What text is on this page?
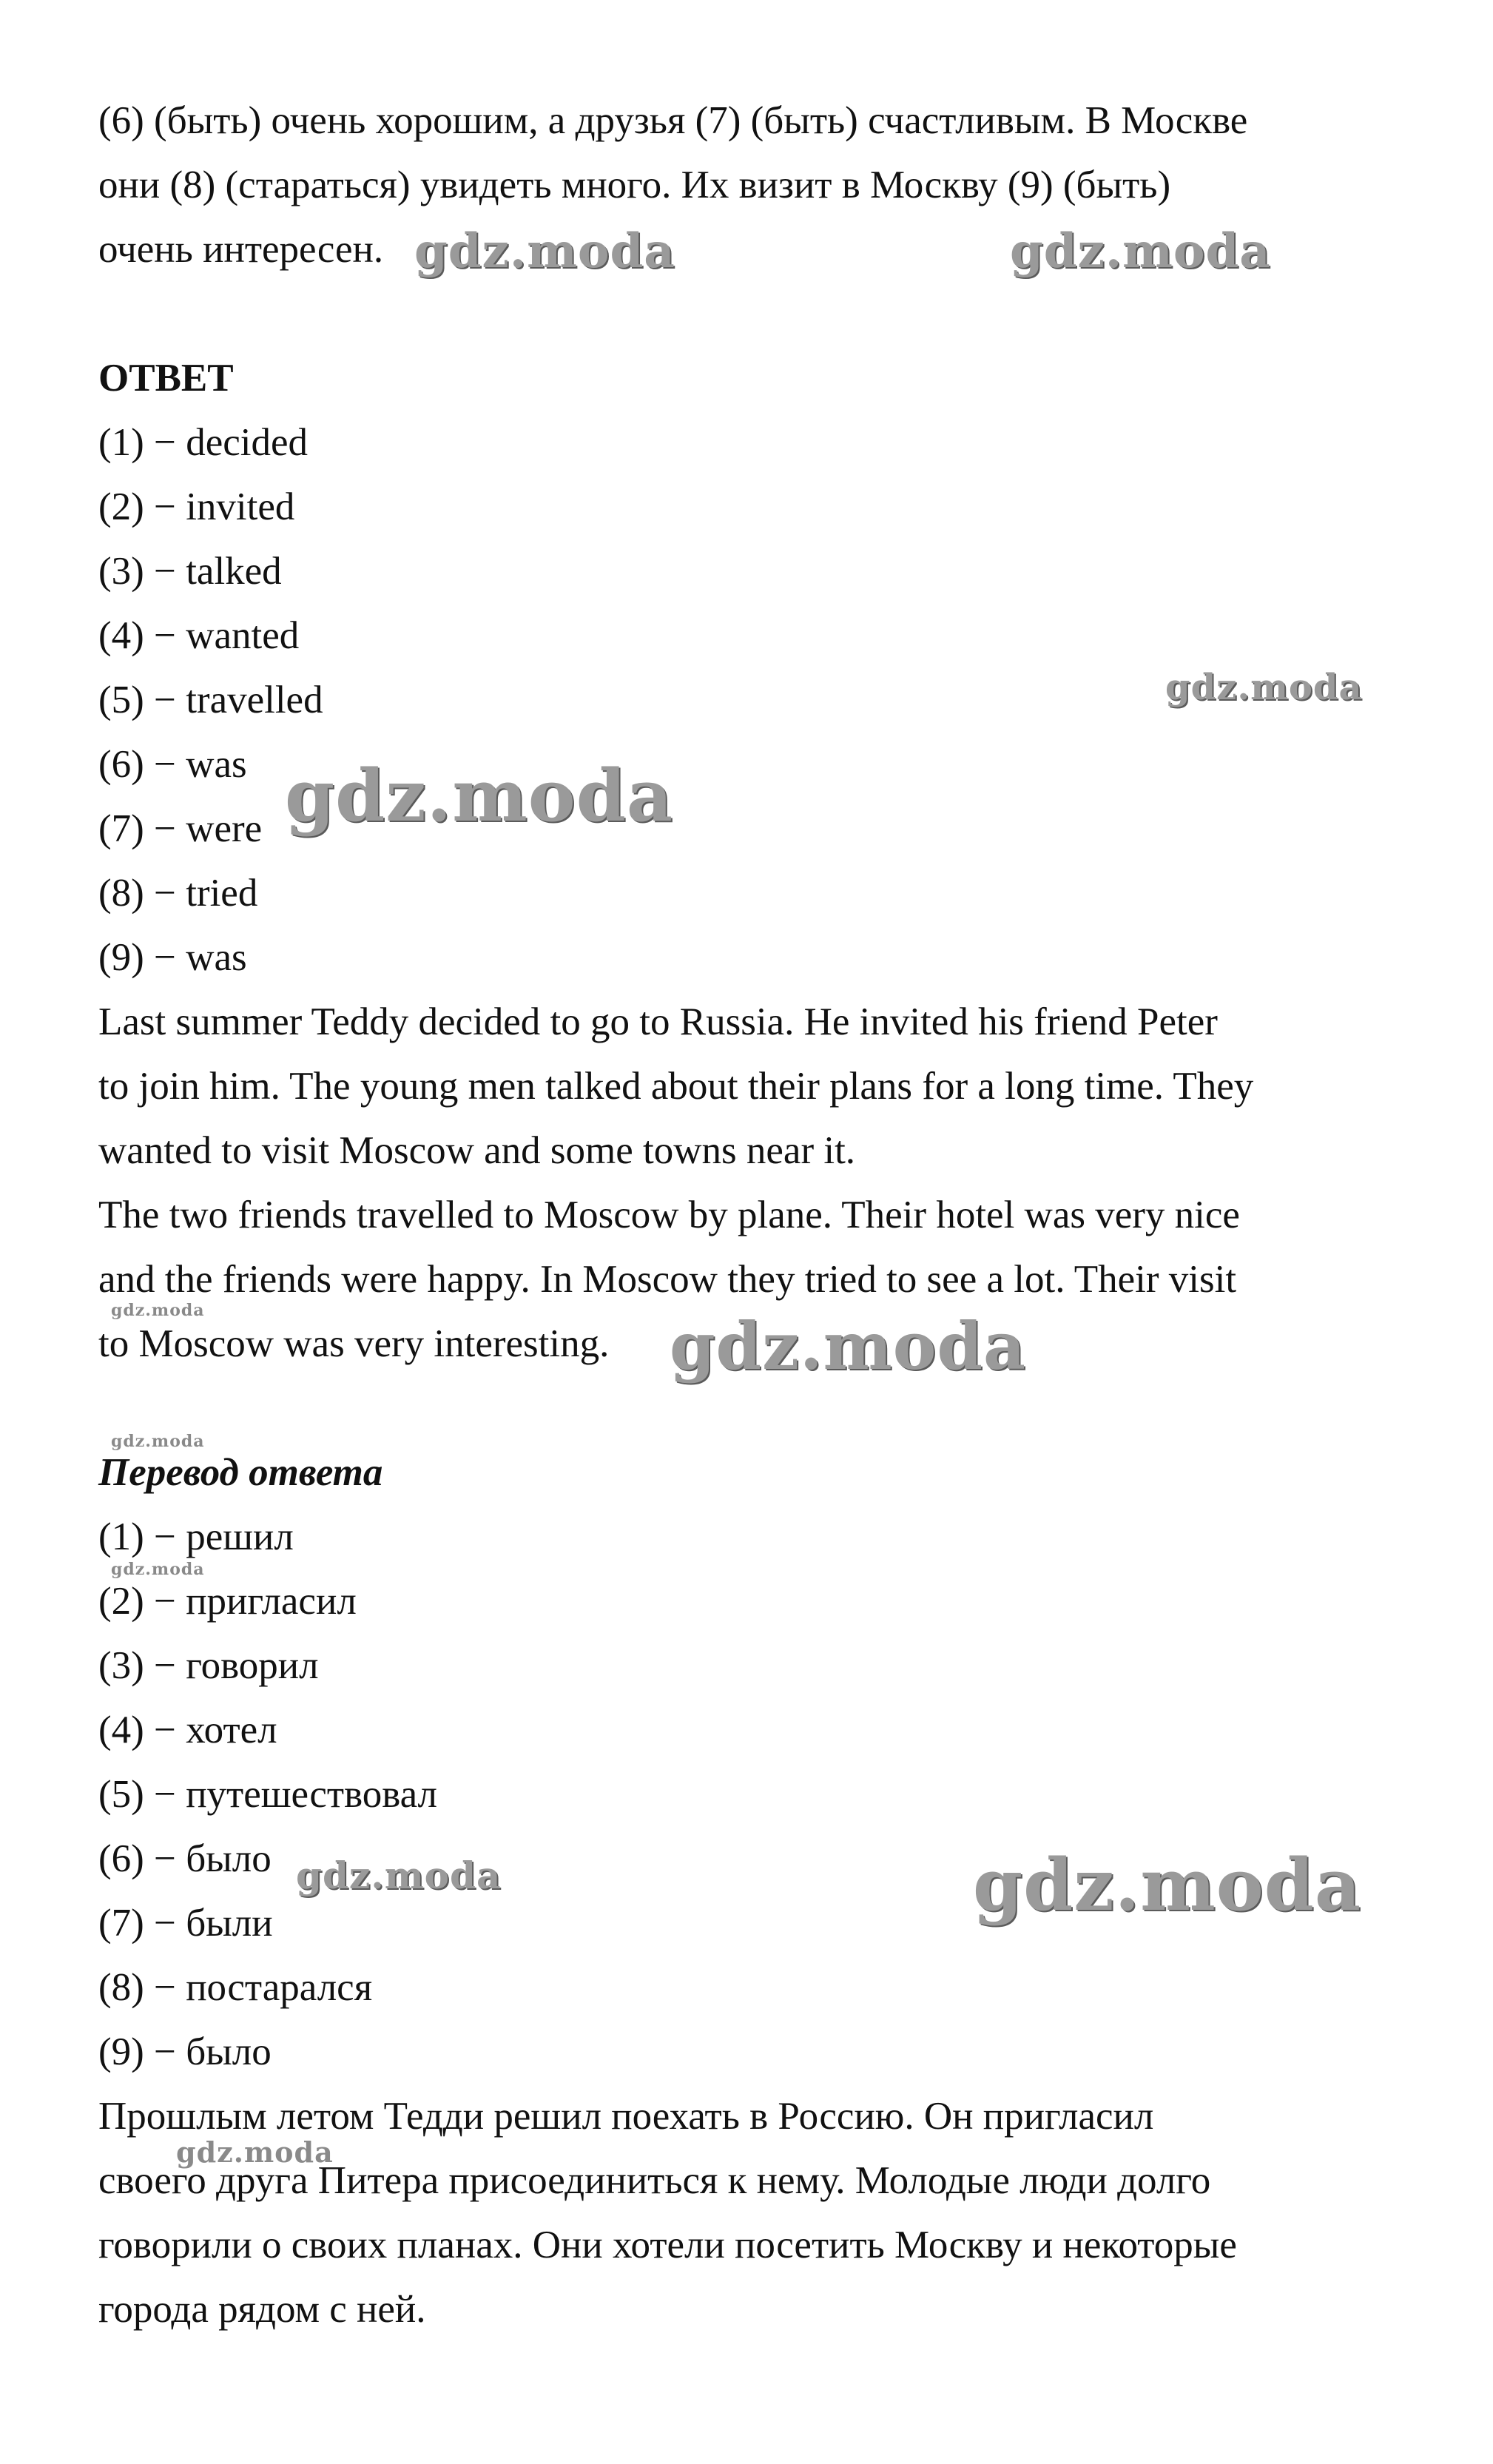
(6) (быть) очень хорошим, а друзья (7) (быть) счастливым. В Москве
они (8) (стараться) увидеть много. Их визит в Москву (9) (быть)
очень интересен.
ОТВЕТ
(1) − decided
(2) − invited
(3) − talked
(4) − wanted
(5) − travelled
(6) − was
(7) − were
(8) − tried
(9) − was
Last summer Teddy decided to go to Russia. He invited his friend Peter
to join him. The young men talked about their plans for a long time. They
wanted to visit Moscow and some towns near it.
The two friends travelled to Moscow by plane. Their hotel was very nice
and the friends were happy. In Moscow they tried to see a lot. Their visit
to Moscow was very interesting.
Перевод ответа
(1) − решил
(2) − пригласил
(3) − говорил
(4) − хотел
(5) − путешествовал
(6) − было
(7) − были
(8) − постарался
(9) − было
Прошлым летом Тедди решил поехать в Россию. Он пригласил
своего друга Питера присоединиться к нему. Молодые люди долго
говорили о своих планах. Они хотели посетить Москву и некоторые
города рядом с ней.
gdz.moda	gdz.moda
gdz.moda
gdz.moda
gdz.moda	gdz.moda
gdz.moda
gdz.moda
gdz.moda	gdz.moda
gdz.moda
